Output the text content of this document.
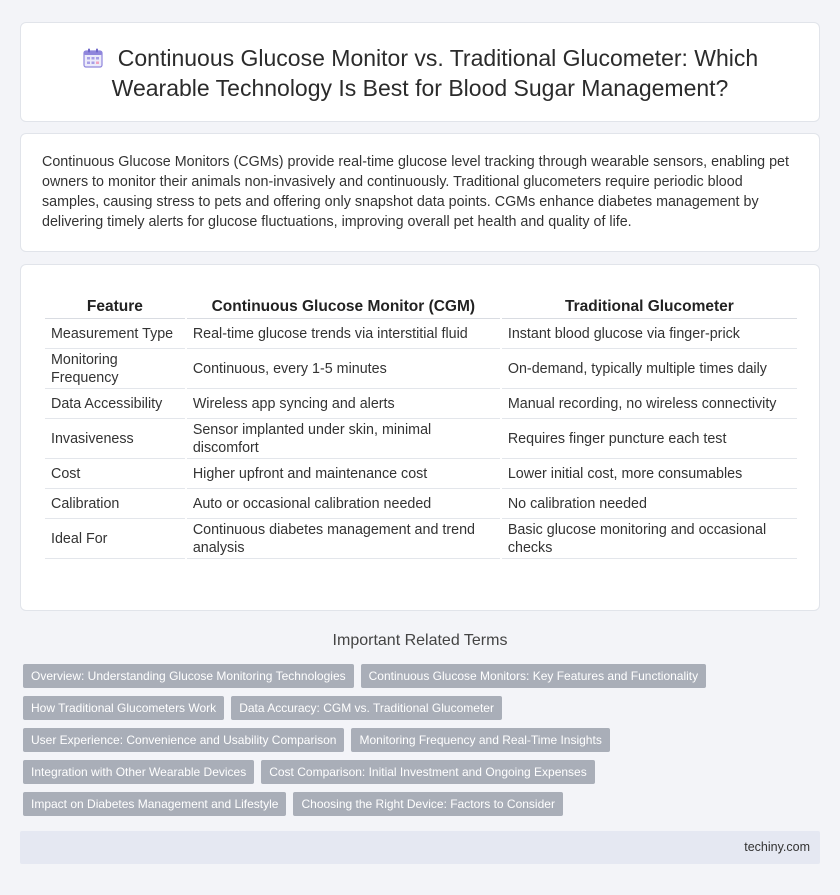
Continuous Glucose Monitor vs. Traditional Glucometer: Which Wearable Technology Is Best for Blood Sugar Management?

Continuous Glucose Monitors (CGMs) provide real-time glucose level tracking through wearable sensors, enabling pet owners to monitor their animals non-invasively and continuously. Traditional glucometers require periodic blood samples, causing stress to pets and offering only snapshot data points. CGMs enhance diabetes management by delivering timely alerts for glucose fluctuations, improving overall pet health and quality of life.

Feature	Continuous Glucose Monitor (CGM)	Traditional Glucometer
Measurement Type	Real-time glucose trends via interstitial fluid	Instant blood glucose via finger-prick
Monitoring Frequency	Continuous, every 1-5 minutes	On-demand, typically multiple times daily
Data Accessibility	Wireless app syncing and alerts	Manual recording, no wireless connectivity
Invasiveness	Sensor implanted under skin, minimal discomfort	Requires finger puncture each test
Cost	Higher upfront and maintenance cost	Lower initial cost, more consumables
Calibration	Auto or occasional calibration needed	No calibration needed
Ideal For	Continuous diabetes management and trend analysis	Basic glucose monitoring and occasional checks
Important Related Terms
Overview: Understanding Glucose Monitoring Technologies	Continuous Glucose Monitors: Key Features and Functionality
How Traditional Glucometers Work	Data Accuracy: CGM vs. Traditional Glucometer
User Experience: Convenience and Usability Comparison	Monitoring Frequency and Real-Time Insights
Integration with Other Wearable Devices	Cost Comparison: Initial Investment and Ongoing Expenses
Impact on Diabetes Management and Lifestyle	Choosing the Right Device: Factors to Consider
techiny.com
